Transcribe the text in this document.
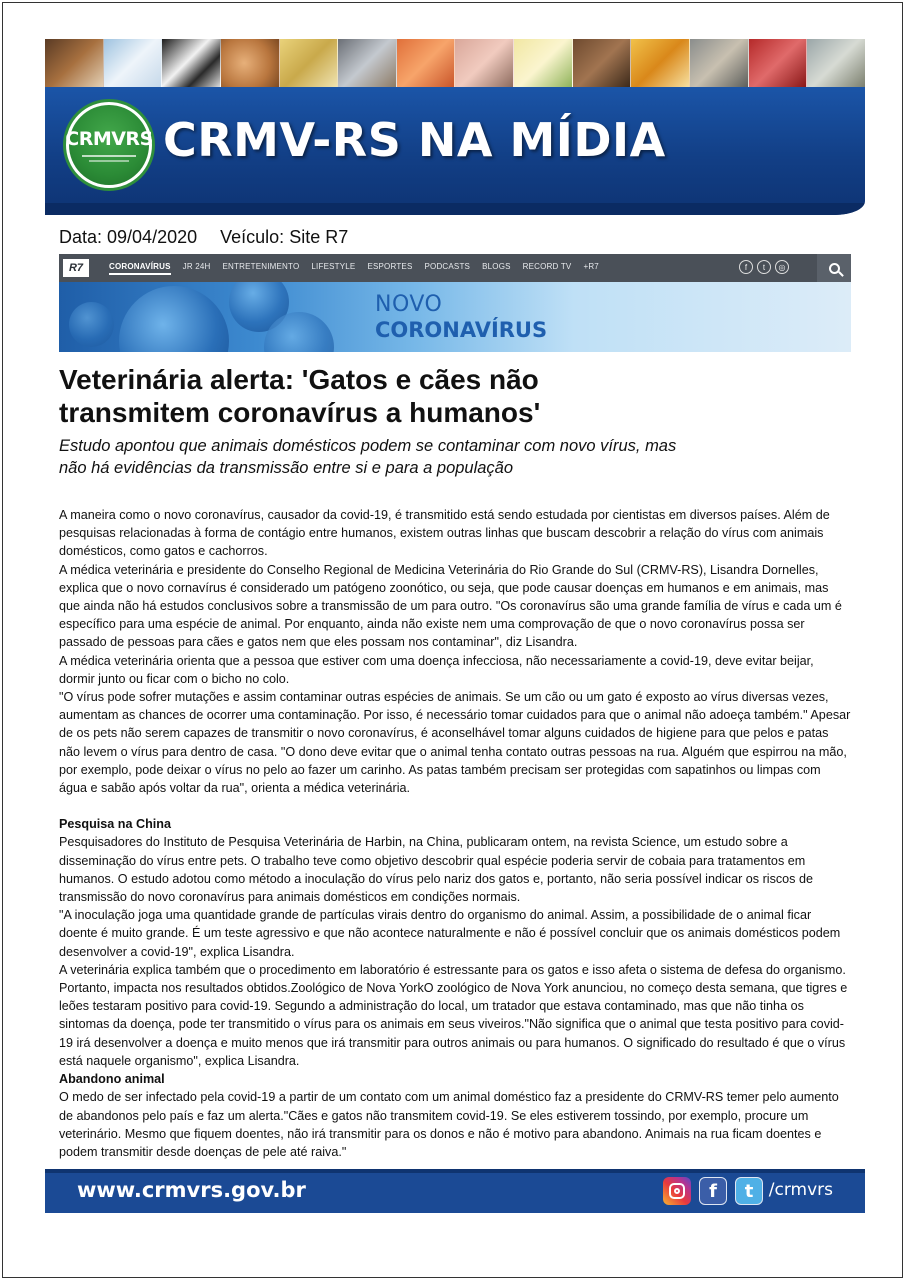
CRMVRS CRMV-RS NA MÍDIA
Data: 09/04/2020 Veículo: Site R7
R7	CORONAVÍRUS JR 24H ENTRETENIMENTO LIFESTYLE ESPORTES PODCASTS BLOGS RECORD TV +R7	f	t	◎
NOVO
CORONAVÍRUS
Veterinária alerta: 'Gatos e cães não transmitem coronavírus a humanos'
Estudo apontou que animais domésticos podem se contaminar com novo vírus, mas não há evidências da transmissão entre si e para a população

A maneira como o novo coronavírus, causador da covid-19, é transmitido está sendo estudada por cientistas em diversos países. Além de pesquisas relacionadas à forma de contágio entre humanos, existem outras linhas que buscam descobrir a relação do vírus com animais domésticos, como gatos e cachorros.

A médica veterinária e presidente do Conselho Regional de Medicina Veterinária do Rio Grande do Sul (CRMV-RS), Lisandra Dornelles, explica que o novo cornavírus é considerado um patógeno zoonótico, ou seja, que pode causar doenças em humanos e em animais, mas que ainda não há estudos conclusivos sobre a transmissão de um para outro. "Os coronavírus são uma grande família de vírus e cada um é específico para uma espécie de animal. Por enquanto, ainda não existe nem uma comprovação de que o novo coronavírus possa ser passado de pessoas para cães e gatos nem que eles possam nos contaminar", diz Lisandra.

A médica veterinária orienta que a pessoa que estiver com uma doença infecciosa, não necessariamente a covid-19, deve evitar beijar, dormir junto ou ficar com o bicho no colo.

"O vírus pode sofrer mutações e assim contaminar outras espécies de animais. Se um cão ou um gato é exposto ao vírus diversas vezes, aumentam as chances de ocorrer uma contaminação. Por isso, é necessário tomar cuidados para que o animal não adoeça também." Apesar de os pets não serem capazes de transmitir o novo coronavírus, é aconselhável tomar alguns cuidados de higiene para que pelos e patas não levem o vírus para dentro de casa. "O dono deve evitar que o animal tenha contato outras pessoas na rua. Alguém que espirrou na mão, por exemplo, pode deixar o vírus no pelo ao fazer um carinho. As patas também precisam ser protegidas com sapatinhos ou limpas com água e sabão após voltar da rua", orienta a médica veterinária.

Pesquisa na China

Pesquisadores do Instituto de Pesquisa Veterinária de Harbin, na China, publicaram ontem, na revista Science, um estudo sobre a disseminação do vírus entre pets. O trabalho teve como objetivo descobrir qual espécie poderia servir de cobaia para tratamentos em humanos. O estudo adotou como método a inoculação do vírus pelo nariz dos gatos e, portanto, não seria possível indicar os riscos de transmissão do novo coronavírus para animais domésticos em condições normais.

"A inoculação joga uma quantidade grande de partículas virais dentro do organismo do animal. Assim, a possibilidade de o animal ficar doente é muito grande. É um teste agressivo e que não acontece naturalmente e não é possível concluir que os animais domésticos podem desenvolver a covid-19", explica Lisandra.

A veterinária explica também que o procedimento em laboratório é estressante para os gatos e isso afeta o sistema de defesa do organismo. Portanto, impacta nos resultados obtidos.Zoológico de Nova YorkO zoológico de Nova York anunciou, no começo desta semana, que tigres e leões testaram positivo para covid-19. Segundo a administração do local, um tratador que estava contaminado, mas que não tinha os sintomas da doença, pode ter transmitido o vírus para os animais em seus viveiros."Não significa que o animal que testa positivo para covid-19 irá desenvolver a doença e muito menos que irá transmitir para outros animais ou para humanos. O significado do resultado é que o vírus está naquele organismo", explica Lisandra.

Abandono animal

O medo de ser infectado pela covid-19 a partir de um contato com um animal doméstico faz a presidente do CRMV-RS temer pelo aumento de abandonos pelo país e faz um alerta."Cães e gatos não transmitem covid-19. Se eles estiverem tossindo, por exemplo, procure um veterinário. Mesmo que fiquem doentes, não irá transmitir para os donos e não é motivo para abandono. Animais na rua ficam doentes e podem transmitir desde doenças de pele até raiva."

www.crmvrs.gov.br	f	t /crmvrs
